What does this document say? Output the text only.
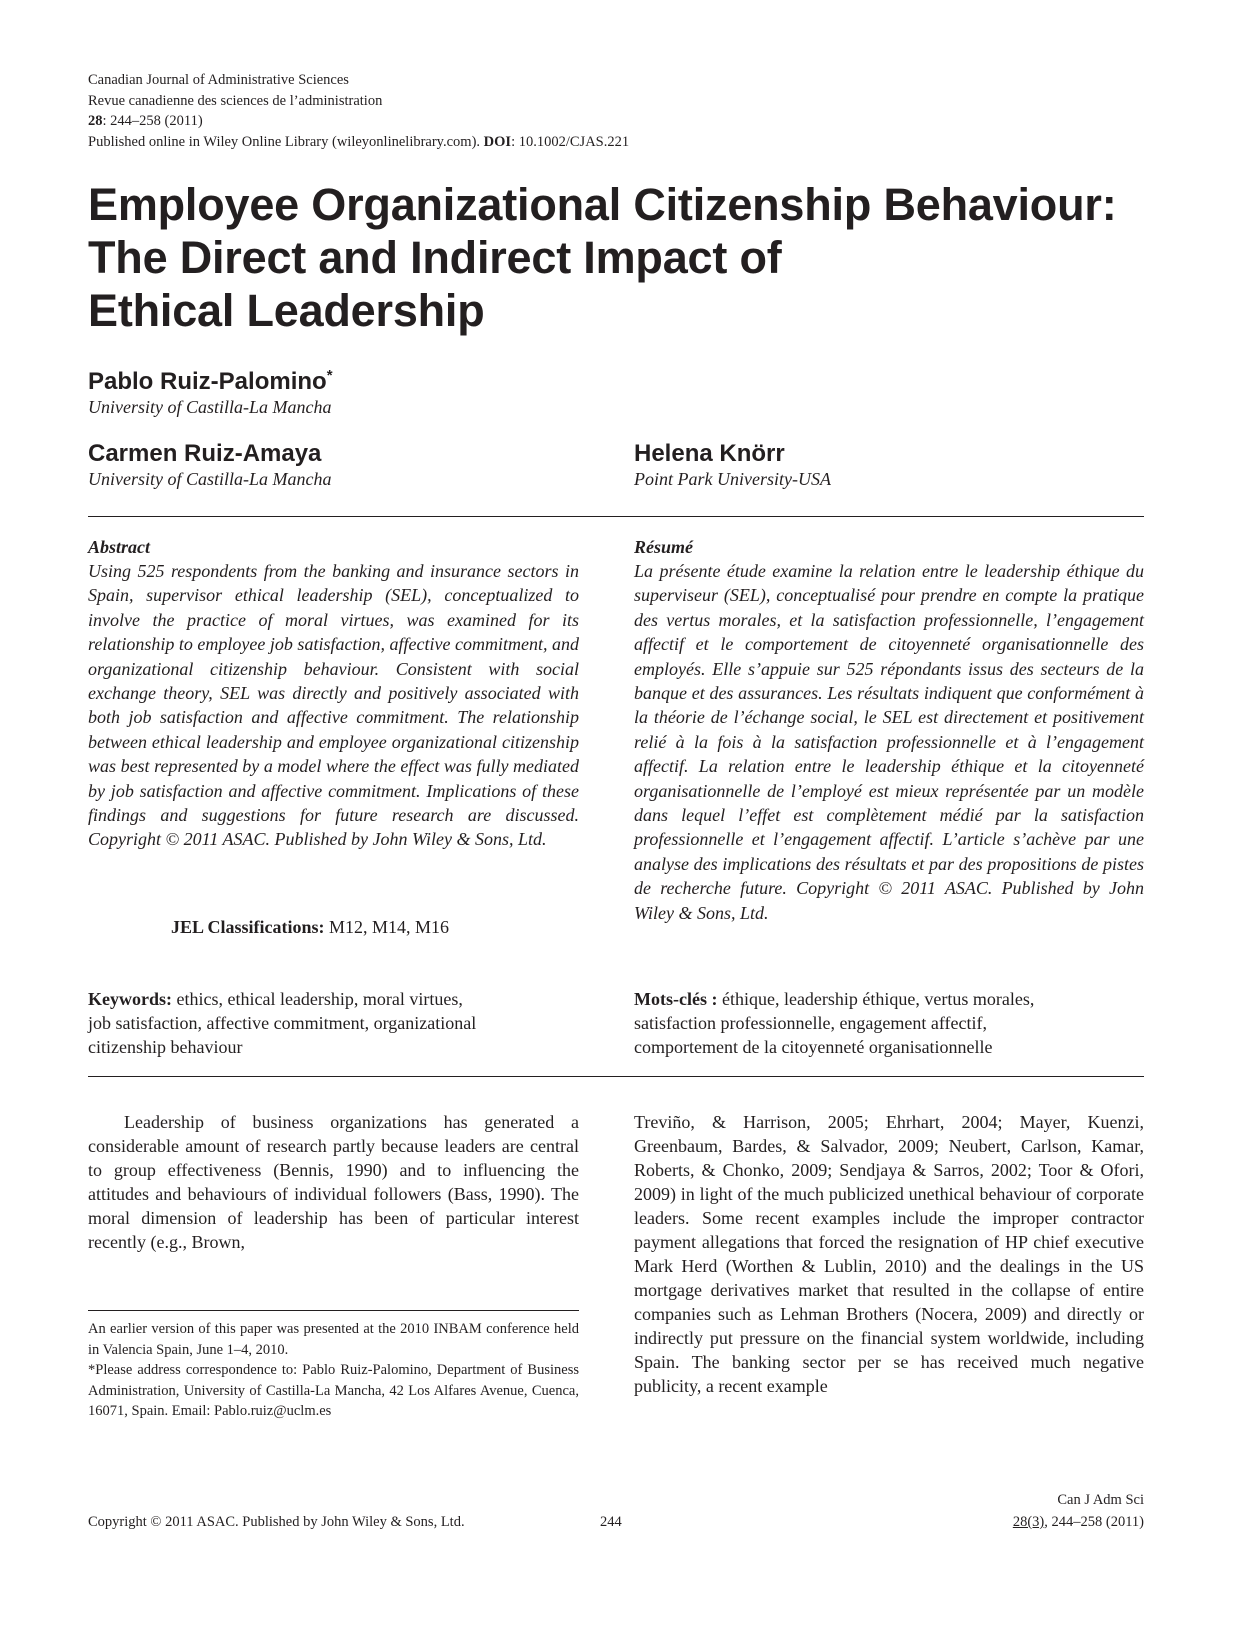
Canadian Journal of Administrative Sciences
Revue canadienne des sciences de l’administration
28: 244–258 (2011)
Published online in Wiley Online Library (wileyonlinelibrary.com). DOI: 10.1002/CJAS.221
Employee Organizational Citizenship Behaviour:
The Direct and Indirect Impact of
Ethical Leadership
Pablo Ruiz-Palomino*
University of Castilla-La Mancha
Carmen Ruiz-Amaya
University of Castilla-La Mancha
Helena Knörr
Point Park University-USA
Abstract
Using 525 respondents from the banking and insurance sectors in Spain, supervisor ethical leadership (SEL), conceptualized to involve the practice of moral virtues, was examined for its relationship to employee job satisfaction, affective commitment, and organizational citizenship behaviour. Consistent with social exchange theory, SEL was directly and positively associated with both job satisfaction and affective commitment. The relationship between ethical leadership and employee organizational citizenship was best represented by a model where the effect was fully mediated by job satisfaction and affective commitment. Implications of these findings and suggestions for future research are discussed. Copyright © 2011 ASAC. Published by John Wiley & Sons, Ltd.
JEL Classifications: M12, M14, M16
Keywords: ethics, ethical leadership, moral virtues,
job satisfaction, affective commitment, organizational
citizenship behaviour
Résumé
La présente étude examine la relation entre le leadership éthique du superviseur (SEL), conceptualisé pour prendre en compte la pratique des vertus morales, et la satisfaction professionnelle, l’engagement affectif et le comportement de citoyenneté organisationnelle des employés. Elle s’appuie sur 525 répondants issus des secteurs de la banque et des assurances. Les résultats indiquent que conformément à la théorie de l’échange social, le SEL est directement et positivement relié à la fois à la satisfaction professionnelle et à l’engagement affectif. La relation entre le leadership éthique et la citoyenneté organisationnelle de l’employé est mieux représentée par un modèle dans lequel l’effet est complètement médié par la satisfaction professionnelle et l’engagement affectif. L’article s’achève par une analyse des implications des résultats et par des propositions de pistes de recherche future. Copyright © 2011 ASAC. Published by John Wiley & Sons, Ltd.
Mots-clés : éthique, leadership éthique, vertus morales,
satisfaction professionnelle, engagement affectif,
comportement de la citoyenneté organisationnelle
Leadership of business organizations has generated a considerable amount of research partly because leaders are central to group effectiveness (Bennis, 1990) and to influencing the attitudes and behaviours of individual followers (Bass, 1990). The moral dimension of leadership has been of particular interest recently (e.g., Brown,
Treviño, & Harrison, 2005; Ehrhart, 2004; Mayer, Kuenzi, Greenbaum, Bardes, & Salvador, 2009; Neubert, Carlson, Kamar, Roberts, & Chonko, 2009; Sendjaya & Sarros, 2002; Toor & Ofori, 2009) in light of the much publicized unethical behaviour of corporate leaders. Some recent examples include the improper contractor payment allegations that forced the resignation of HP chief executive Mark Herd (Worthen & Lublin, 2010) and the dealings in the US mortgage derivatives market that resulted in the collapse of entire companies such as Lehman Brothers (Nocera, 2009) and directly or indirectly put pressure on the financial system worldwide, including Spain. The banking sector per se has received much negative publicity, a recent example
An earlier version of this paper was presented at the 2010 INBAM conference held in Valencia Spain, June 1–4, 2010.
*Please address correspondence to: Pablo Ruiz-Palomino, Department of Business Administration, University of Castilla-La Mancha, 42 Los Alfares Avenue, Cuenca, 16071, Spain. Email: Pablo.ruiz@uclm.es
Copyright © 2011 ASAC. Published by John Wiley & Sons, Ltd.	244
Can J Adm Sci
28(3), 244–258 (2011)
